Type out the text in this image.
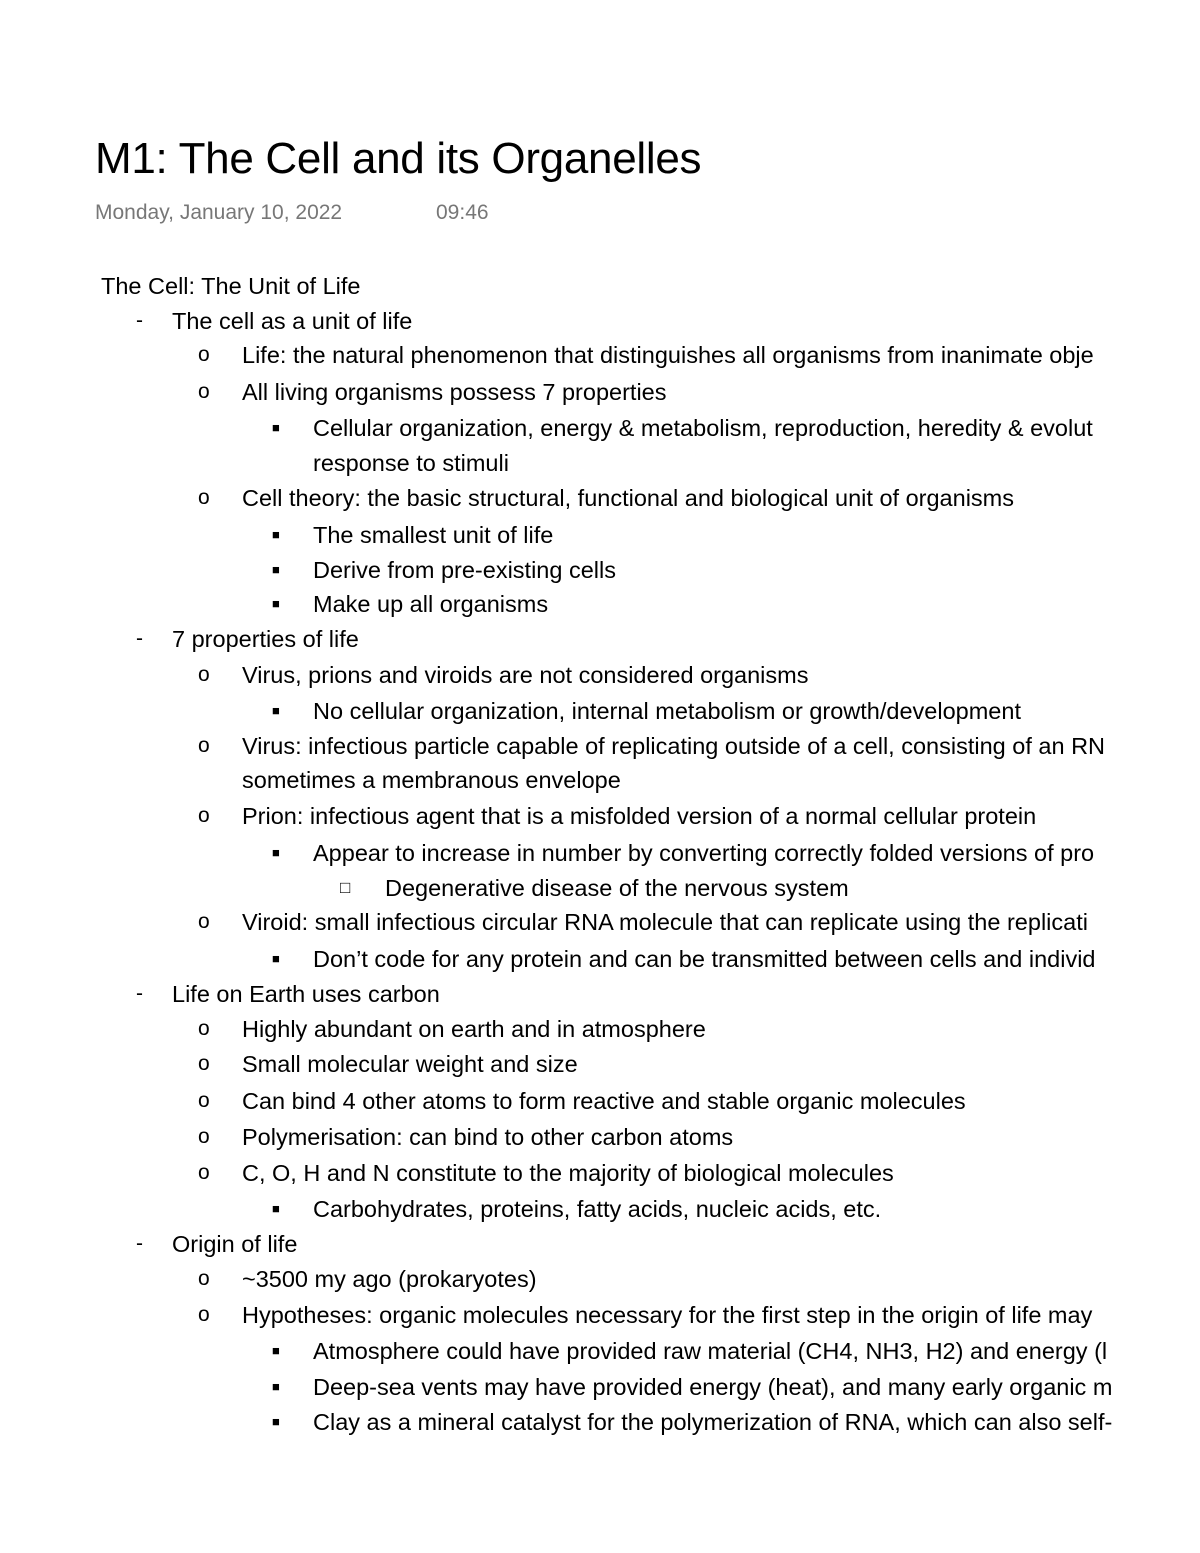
M1: The Cell and its Organelles
Monday, January 10, 2022	09:46
The Cell: The Unit of Life
- The cell as a unit of life
o Life: the natural phenomenon that distinguishes all organisms from inanimate obje
o All living organisms possess 7 properties
■ Cellular organization, energy & metabolism, reproduction, heredity & evolut
response to stimuli
o Cell theory: the basic structural, functional and biological unit of organisms
■ The smallest unit of life
■ Derive from pre-existing cells
■ Make up all organisms
- 7 properties of life
o Virus, prions and viroids are not considered organisms
■ No cellular organization, internal metabolism or growth/development
o Virus: infectious particle capable of replicating outside of a cell, consisting of an RN
sometimes a membranous envelope
o Prion: infectious agent that is a misfolded version of a normal cellular protein
■ Appear to increase in number by converting correctly folded versions of pro
□ Degenerative disease of the nervous system
o Viroid: small infectious circular RNA molecule that can replicate using the replicati
■ Don’t code for any protein and can be transmitted between cells and individ
- Life on Earth uses carbon
o Highly abundant on earth and in atmosphere
o Small molecular weight and size
o Can bind 4 other atoms to form reactive and stable organic molecules
o Polymerisation: can bind to other carbon atoms
o C, O, H and N constitute to the majority of biological molecules
■ Carbohydrates, proteins, fatty acids, nucleic acids, etc.
- Origin of life
o ~3500 my ago (prokaryotes)
o Hypotheses: organic molecules necessary for the first step in the origin of life may
■ Atmosphere could have provided raw material (CH4, NH3, H2) and energy (l
■ Deep-sea vents may have provided energy (heat), and many early organic m
■ Clay as a mineral catalyst for the polymerization of RNA, which can also self-
